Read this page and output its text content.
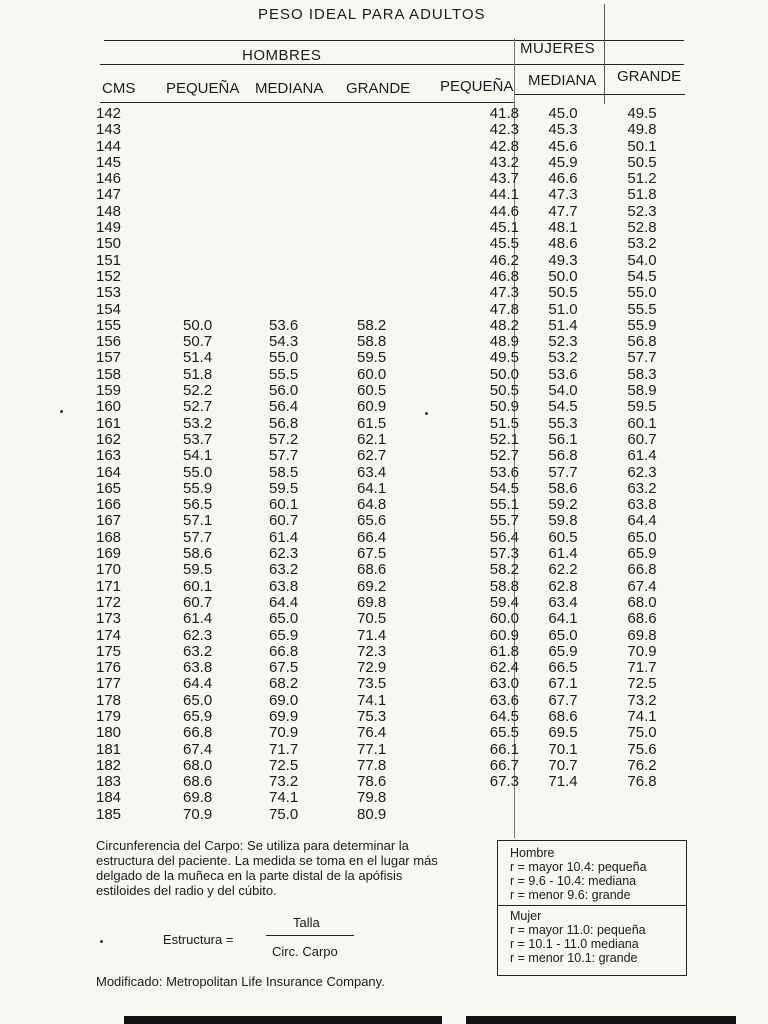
PESO IDEAL PARA ADULTOS
HOMBRES	MUJERES
CMS PEQUEÑA MEDIANA GRANDE PEQUEÑA MEDIANA GRANDE
142				41.8	45.0	49.5
143				42.3	45.3	49.8
144				42.8	45.6	50.1
145				43.2	45.9	50.5
146				43.7	46.6	51.2
147				44.1	47.3	51.8
148				44.6	47.7	52.3
149				45.1	48.1	52.8
150				45.5	48.6	53.2
151				46.2	49.3	54.0
152				46.8	50.0	54.5
153				47.3	50.5	55.0
154				47.8	51.0	55.5
155	50.0	53.6	58.2	48.2	51.4	55.9
156	50.7	54.3	58.8	48.9	52.3	56.8
157	51.4	55.0	59.5	49.5	53.2	57.7
158	51.8	55.5	60.0	50.0	53.6	58.3
159	52.2	56.0	60.5	50.5	54.0	58.9
160	52.7	56.4	60.9	50.9	54.5	59.5
161	53.2	56.8	61.5	51.5	55.3	60.1
162	53.7	57.2	62.1	52.1	56.1	60.7
163	54.1	57.7	62.7	52.7	56.8	61.4
164	55.0	58.5	63.4	53.6	57.7	62.3
165	55.9	59.5	64.1	54.5	58.6	63.2
166	56.5	60.1	64.8	55.1	59.2	63.8
167	57.1	60.7	65.6	55.7	59.8	64.4
168	57.7	61.4	66.4	56.4	60.5	65.0
169	58.6	62.3	67.5	57.3	61.4	65.9
170	59.5	63.2	68.6	58.2	62.2	66.8
171	60.1	63.8	69.2	58.8	62.8	67.4
172	60.7	64.4	69.8	59.4	63.4	68.0
173	61.4	65.0	70.5	60.0	64.1	68.6
174	62.3	65.9	71.4	60.9	65.0	69.8
175	63.2	66.8	72.3	61.8	65.9	70.9
176	63.8	67.5	72.9	62.4	66.5	71.7
177	64.4	68.2	73.5	63.0	67.1	72.5
178	65.0	69.0	74.1	63.6	67.7	73.2
179	65.9	69.9	75.3	64.5	68.6	74.1
180	66.8	70.9	76.4	65.5	69.5	75.0
181	67.4	71.7	77.1	66.1	70.1	75.6
182	68.0	72.5	77.8	66.7	70.7	76.2
183	68.6	73.2	78.6	67.3	71.4	76.8
184	69.8	74.1	79.8			
185	70.9	75.0	80.9			

Circunferencia del Carpo: Se utiliza para determinar la estructura del paciente. La medida se toma en el lugar más delgado de la muñeca en la parte distal de la apófisis estiloides del radio y del cúbito.

Estructura =
Talla
Circ. Carpo
Modificado: Metropolitan Life Insurance Company.

Hombre

r = mayor 10.4: pequeña

r = 9.6 - 10.4: mediana

r = menor 9.6: grande

Mujer

r = mayor 11.0: pequeña

r = 10.1 - 11.0 mediana

r = menor 10.1: grande
